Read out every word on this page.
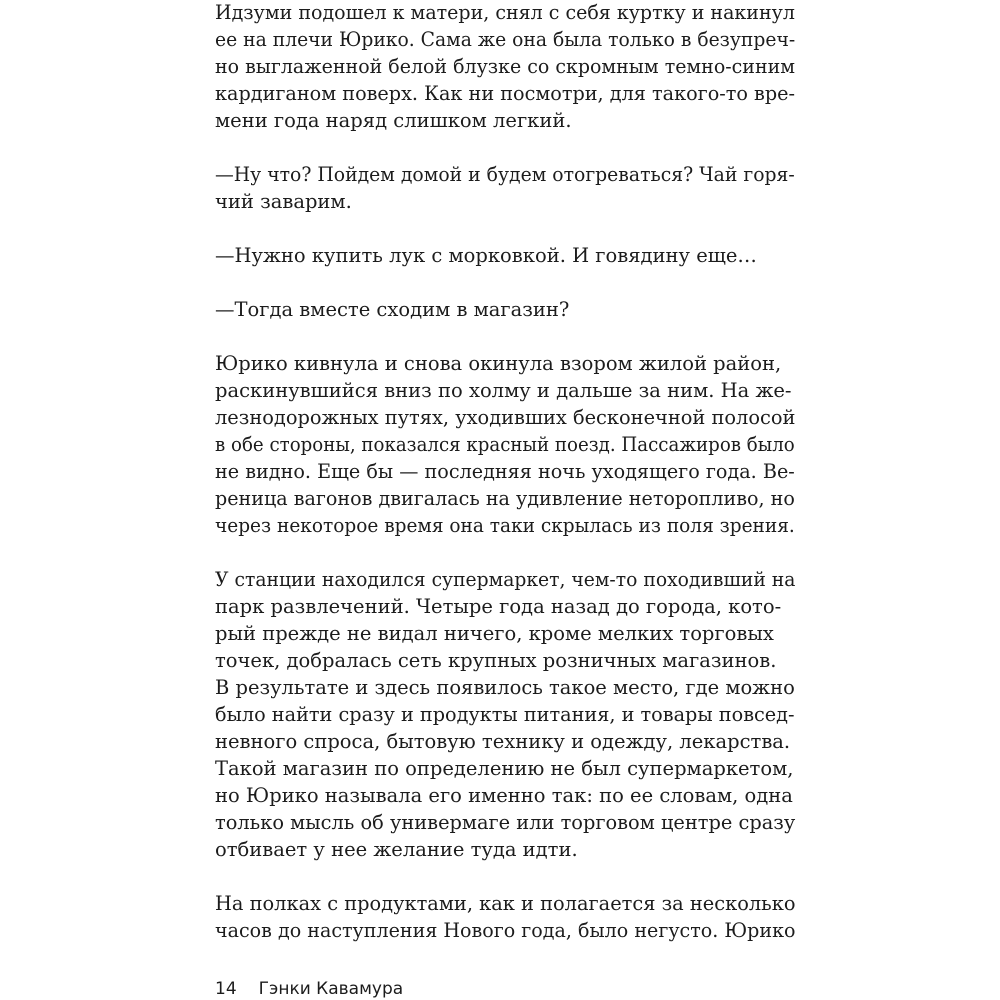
Идзуми подошел к матери, снял с себя куртку и накинул
ее на плечи Юрико. Сама же она была только в безупреч-
но выглаженной белой блузке со скромным темно-синим
кардиганом поверх. Как ни посмотри, для такого-то вре-
мени года наряд слишком легкий.
—Ну что? Пойдем домой и будем отогреваться? Чай горя-
чий заварим.
—Нужно купить лук с морковкой. И говядину еще…
—Тогда вместе сходим в магазин?
Юрико кивнула и снова окинула взором жилой район,
раскинувшийся вниз по холму и дальше за ним. На же-
лезнодорожных путях, уходивших бесконечной полосой
в обе стороны, показался красный поезд. Пассажиров было
не видно. Еще бы — последняя ночь уходящего года. Ве-
реница вагонов двигалась на удивление неторопливо, но
через некоторое время она таки скрылась из поля зрения.
У станции находился супермаркет, чем-то походивший на
парк развлечений. Четыре года назад до города, кото-
рый прежде не видал ничего, кроме мелких торговых
точек, добралась сеть крупных розничных магазинов.
В результате и здесь появилось такое место, где можно
было найти сразу и продукты питания, и товары повсед-
невного спроса, бытовую технику и одежду, лекарства.
Такой магазин по определению не был супермаркетом,
но Юрико называла его именно так: по ее словам, одна
только мысль об универмаге или торговом центре сразу
отбивает у нее желание туда идти.
На полках с продуктами, как и полагается за несколько
часов до наступления Нового года, было негусто. Юрико
14 Гэнки Кавамура
